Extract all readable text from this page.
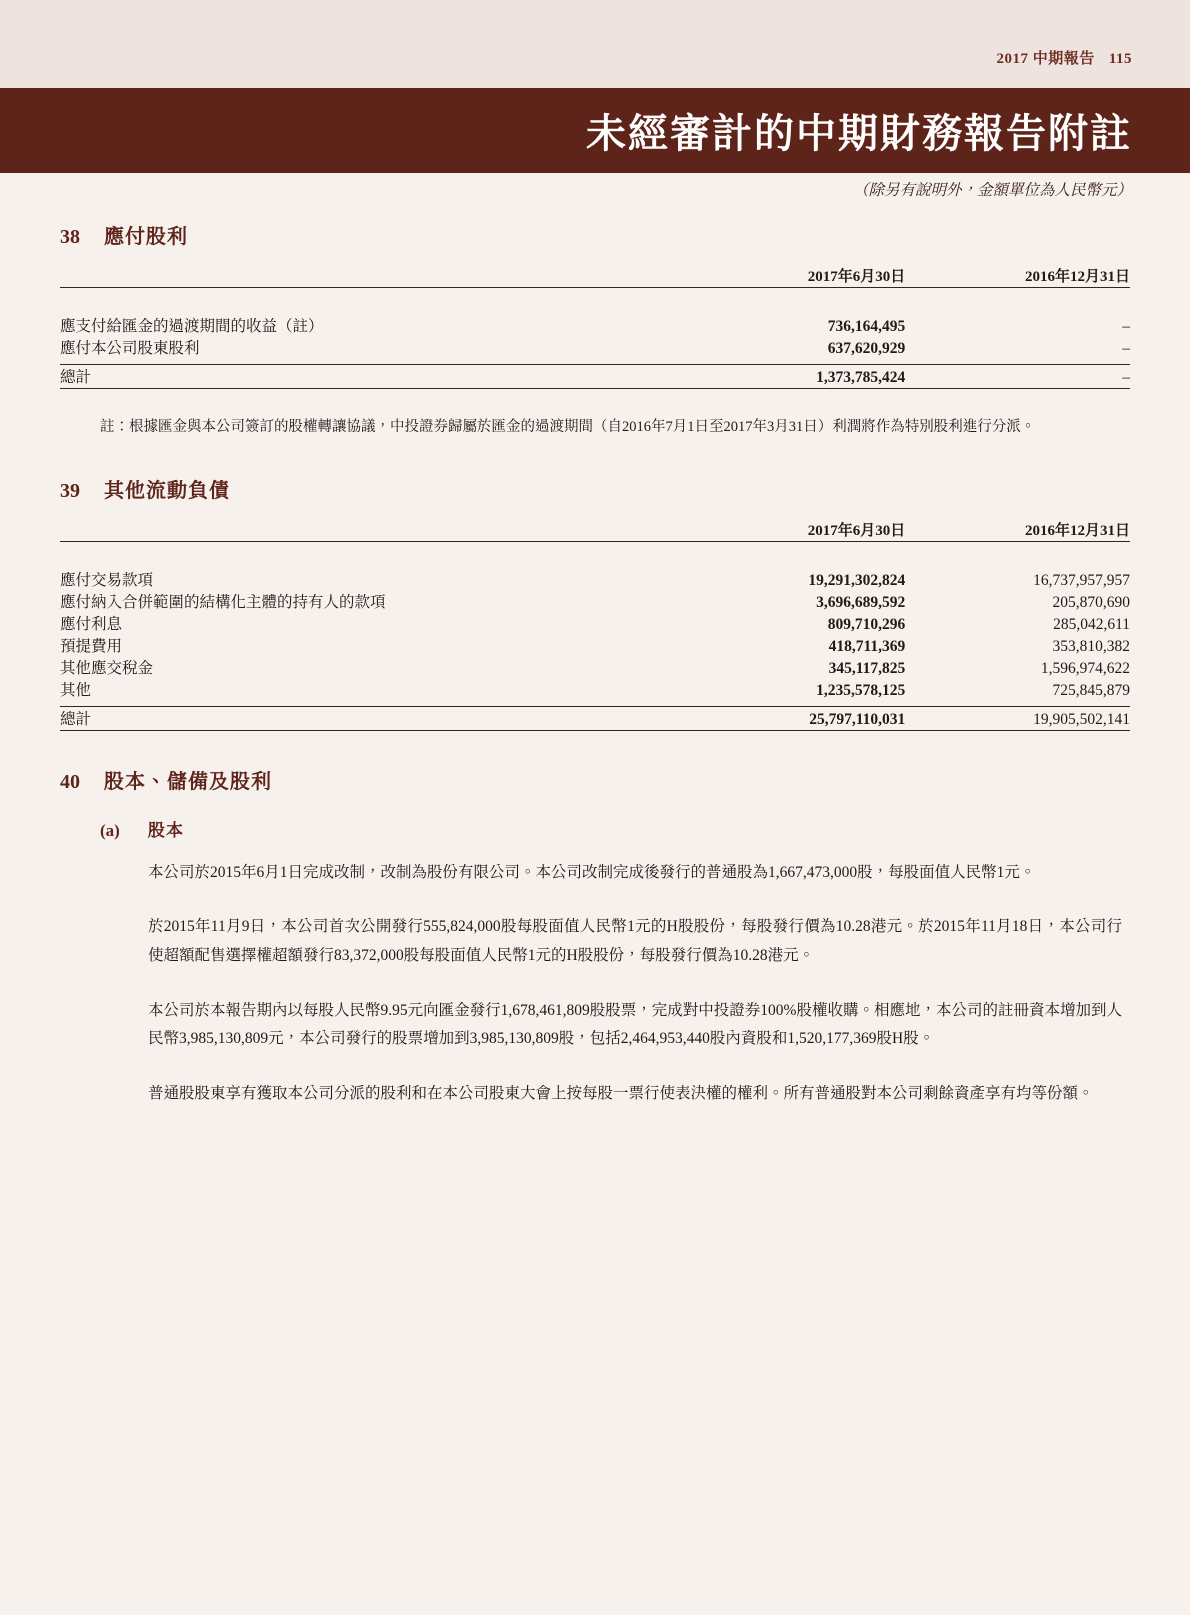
2017 中期報告 115
未經審計的中期財務報告附註
（除另有說明外，金額單位為人民幣元）
38	應付股利
	2017年6月30日	2016年12月31日

應支付給匯金的過渡期間的收益（註）	736,164,495	–
應付本公司股東股利	637,620,929	–

總計	1,373,785,424	–

註：根據匯金與本公司簽訂的股權轉讓協議，中投證券歸屬於匯金的過渡期間（自2016年7月1日至2017年3月31日）利潤將作為特別股利進行分派。
39	其他流動負債
	2017年6月30日	2016年12月31日

應付交易款項	19,291,302,824	16,737,957,957
應付納入合併範圍的結構化主體的持有人的款項	3,696,689,592	205,870,690
應付利息	809,710,296	285,042,611
預提費用	418,711,369	353,810,382
其他應交稅金	345,117,825	1,596,974,622
其他	1,235,578,125	725,845,879

總計	25,797,110,031	19,905,502,141

40	股本、儲備及股利
(a)	股本
本公司於2015年6月1日完成改制，改制為股份有限公司。本公司改制完成後發行的普通股為1,667,473,000股，每股面值人民幣1元。
於2015年11月9日，本公司首次公開發行555,824,000股每股面值人民幣1元的H股股份，每股發行價為10.28港元。於2015年11月18日，本公司行使超額配售選擇權超額發行83,372,000股每股面值人民幣1元的H股股份，每股發行價為10.28港元。
本公司於本報告期內以每股人民幣9.95元向匯金發行1,678,461,809股股票，完成對中投證券100%股權收購。相應地，本公司的註冊資本增加到人民幣3,985,130,809元，本公司發行的股票增加到3,985,130,809股，包括2,464,953,440股內資股和1,520,177,369股H股。
普通股股東享有獲取本公司分派的股利和在本公司股東大會上按每股一票行使表決權的權利。所有普通股對本公司剩餘資產享有均等份額。
